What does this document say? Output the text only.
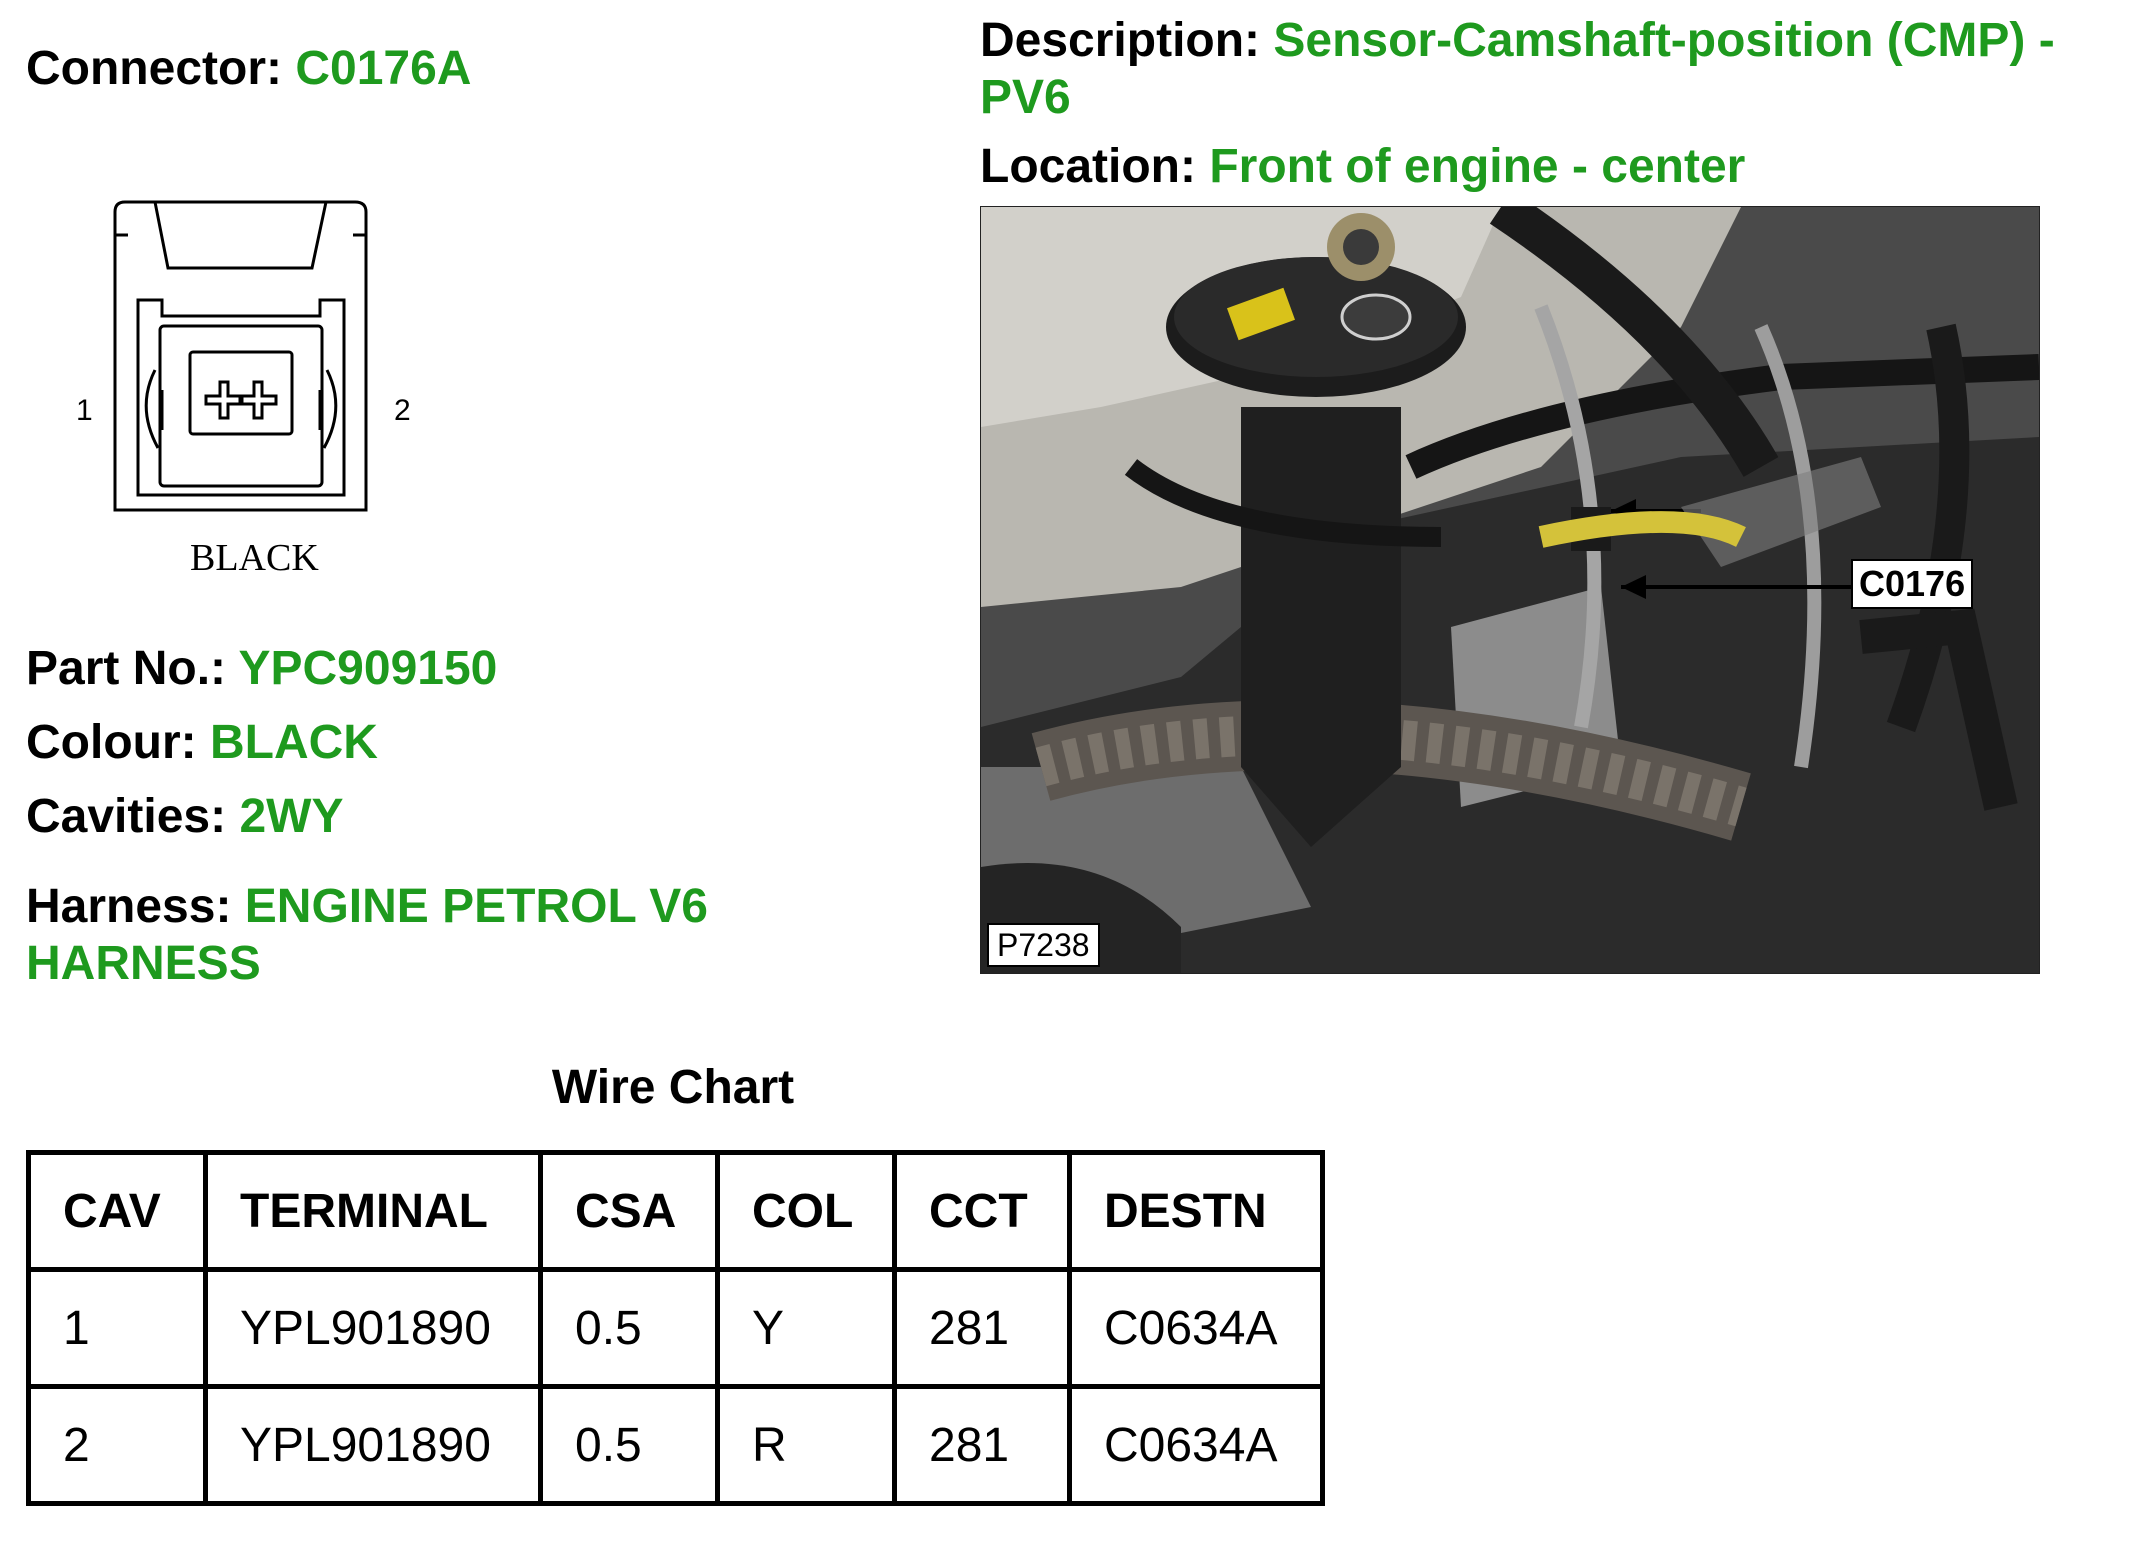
Connector: C0176A
1	2
BLACK
Part No.: YPC909150
Colour: BLACK
Cavities: 2WY
Harness: ENGINE PETROL V6 HARNESS
Description: Sensor-Camshaft-position (CMP) - PV6
Location: Front of engine - center
P7238
C0176
Wire Chart
CAV	TERMINAL	CSA	COL	CCT	DESTN
1	YPL901890	0.5	Y	281	C0634A
2	YPL901890	0.5	R	281	C0634A
